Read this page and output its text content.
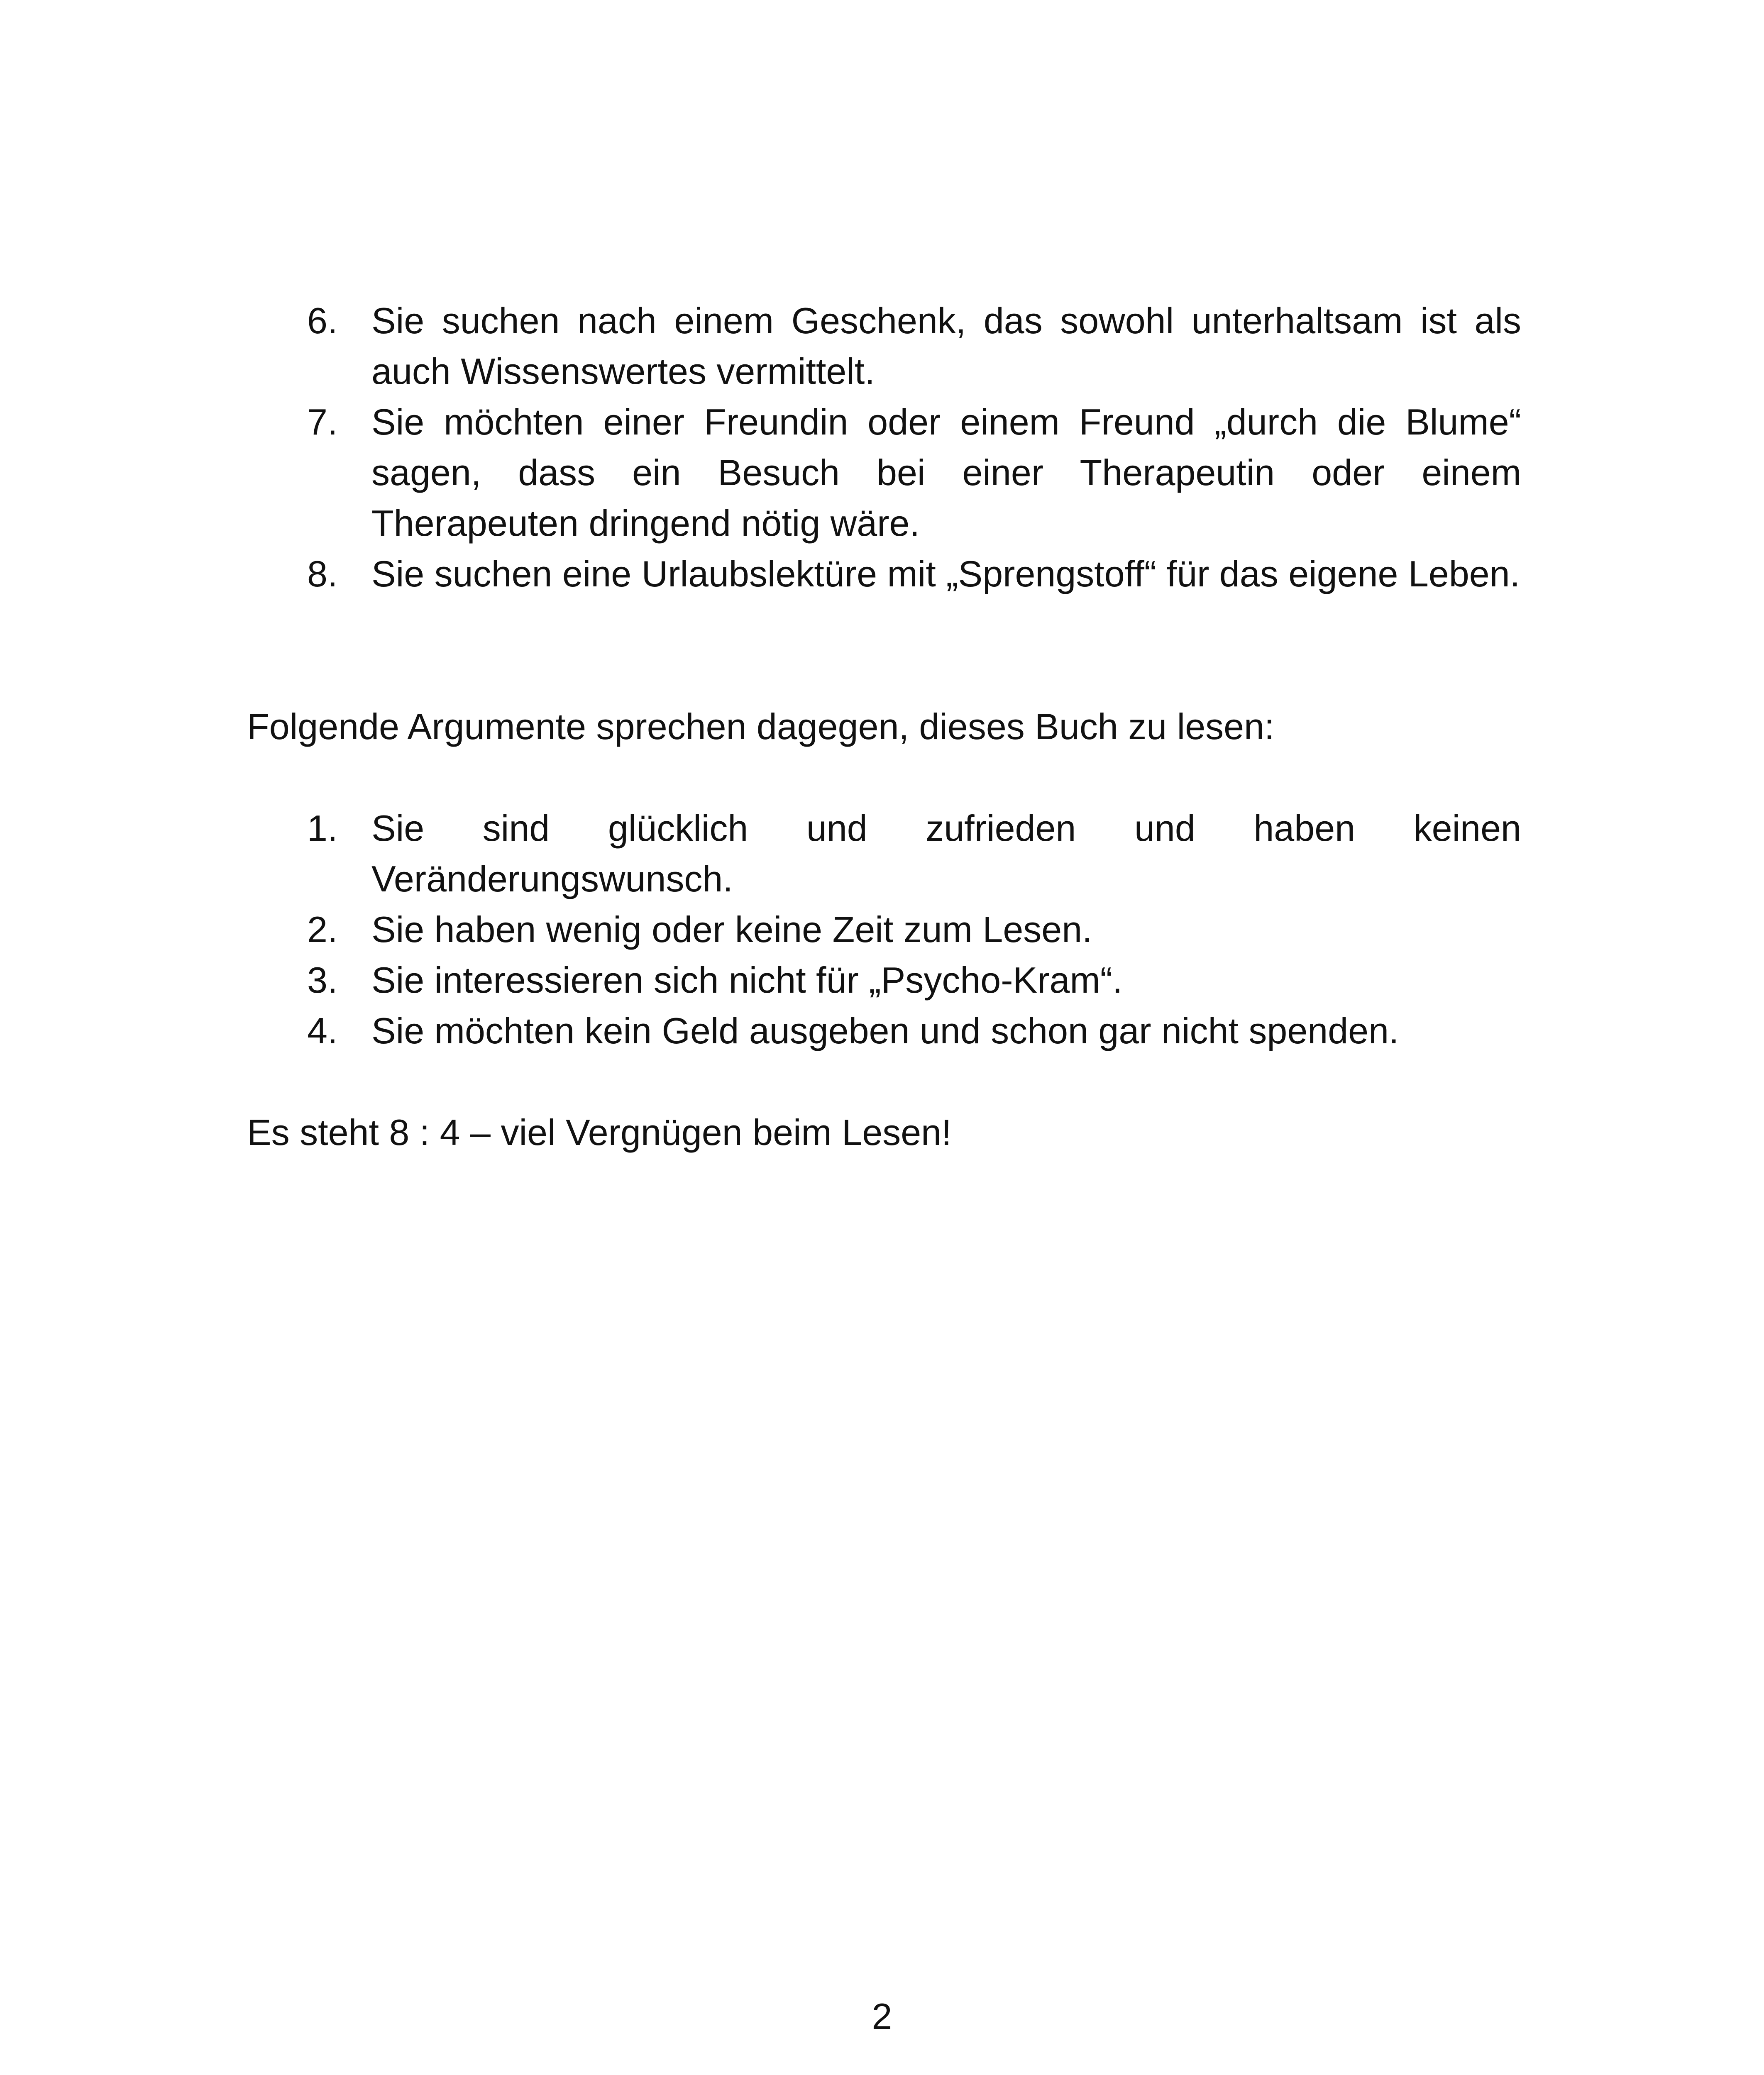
6. Sie suchen nach einem Geschenk, das sowohl unterhaltsam ist als auch Wissenswertes vermittelt.
7. Sie möchten einer Freundin oder einem Freund „durch die Blume“ sagen, dass ein Besuch bei einer Therapeutin oder einem Therapeuten dringend nötig wäre.
8. Sie suchen eine Urlaubslektüre mit „Sprengstoff“ für das eigene Leben.

Folgende Argumente sprechen dagegen, dieses Buch zu lesen:

1. Sie sind glücklich und zufrieden und haben keinen Veränderungswunsch.
2. Sie haben wenig oder keine Zeit zum Lesen.
3. Sie interessieren sich nicht für „Psycho-Kram“.
4. Sie möchten kein Geld ausgeben und schon gar nicht spenden.

Es steht 8 : 4 – viel Vergnügen beim Lesen!

2
